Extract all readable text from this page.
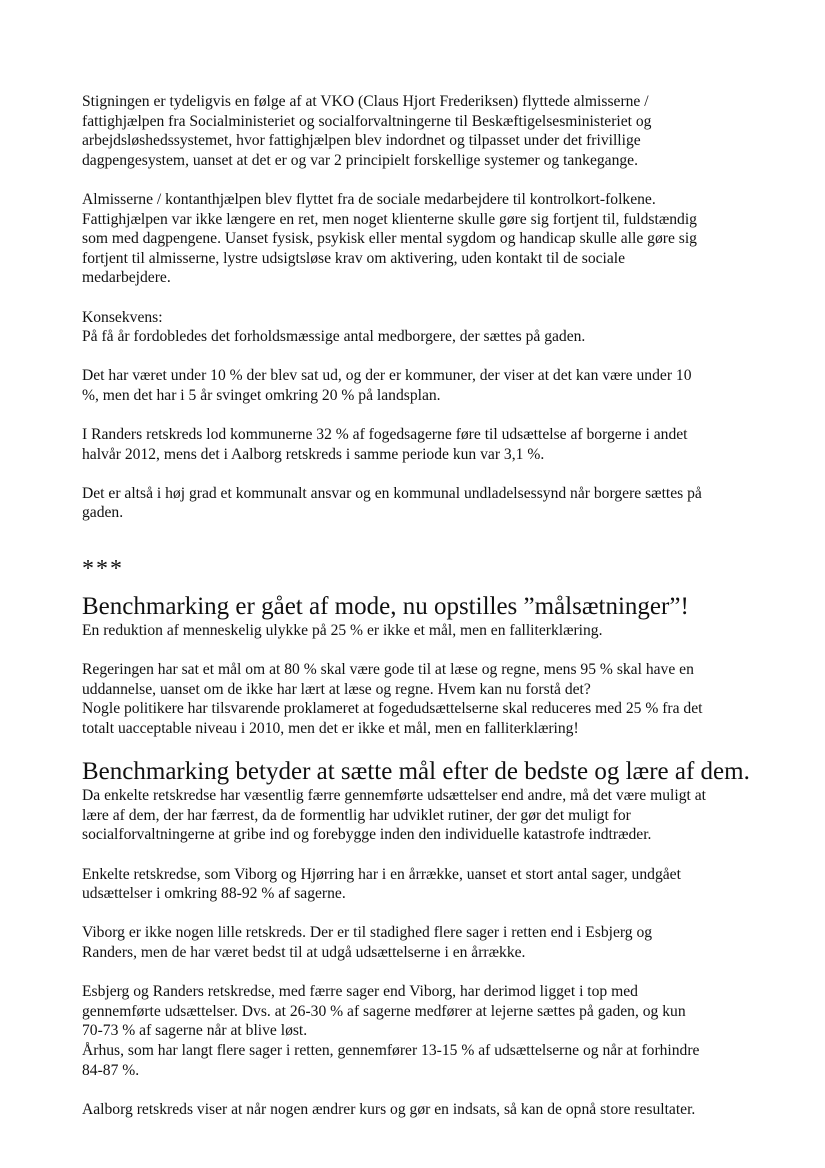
Stigningen er tydeligvis en følge af at VKO (Claus Hjort Frederiksen) flyttede almisserne /
fattighjælpen fra Socialministeriet og socialforvaltningerne til Beskæftigelsesministeriet og
arbejdsløshedssystemet, hvor fattighjælpen blev indordnet og tilpasset under det frivillige
dagpengesystem, uanset at det er og var 2 principielt forskellige systemer og tankegange.

Almisserne / kontanthjælpen blev flyttet fra de sociale medarbejdere til kontrolkort-folkene.
Fattighjælpen var ikke længere en ret, men noget klienterne skulle gøre sig fortjent til, fuldstændig
som med dagpengene. Uanset fysisk, psykisk eller mental sygdom og handicap skulle alle gøre sig
fortjent til almisserne, lystre udsigtsløse krav om aktivering, uden kontakt til de sociale
medarbejdere.

Konsekvens:
På få år fordobledes det forholdsmæssige antal medborgere, der sættes på gaden.

Det har været under 10 % der blev sat ud, og der er kommuner, der viser at det kan være under 10
%, men det har i 5 år svinget omkring 20 % på landsplan.

I Randers retskreds lod kommunerne 32 % af fogedsagerne føre til udsættelse af borgerne i andet
halvår 2012, mens det i Aalborg retskreds i samme periode kun var 3,1 %.

Det er altså i høj grad et kommunalt ansvar og en kommunal undladelsessynd når borgere sættes på
gaden.

***
Benchmarking er gået af mode, nu opstilles ”målsætninger”!

En reduktion af menneskelig ulykke på 25 % er ikke et mål, men en falliterklæring.

Regeringen har sat et mål om at 80 % skal være gode til at læse og regne, mens 95 % skal have en
uddannelse, uanset om de ikke har lært at læse og regne. Hvem kan nu forstå det?
Nogle politikere har tilsvarende proklameret at fogedudsættelserne skal reduceres med 25 % fra det
totalt uacceptable niveau i 2010, men det er ikke et mål, men en falliterklæring!

Benchmarking betyder at sætte mål efter de bedste og lære af dem.

Da enkelte retskredse har væsentlig færre gennemførte udsættelser end andre, må det være muligt at
lære af dem, der har færrest, da de formentlig har udviklet rutiner, der gør det muligt for
socialforvaltningerne at gribe ind og forebygge inden den individuelle katastrofe indtræder.

Enkelte retskredse, som Viborg og Hjørring har i en årrække, uanset et stort antal sager, undgået
udsættelser i omkring 88-92 % af sagerne.

Viborg er ikke nogen lille retskreds. Der er til stadighed flere sager i retten end i Esbjerg og
Randers, men de har været bedst til at udgå udsættelserne i en årrække.

Esbjerg og Randers retskredse, med færre sager end Viborg, har derimod ligget i top med
gennemførte udsættelser. Dvs. at 26-30 % af sagerne medfører at lejerne sættes på gaden, og kun
70-73 % af sagerne når at blive løst.
Århus, som har langt flere sager i retten, gennemfører 13-15 % af udsættelserne og når at forhindre
84-87 %.

Aalborg retskreds viser at når nogen ændrer kurs og gør en indsats, så kan de opnå store resultater.
